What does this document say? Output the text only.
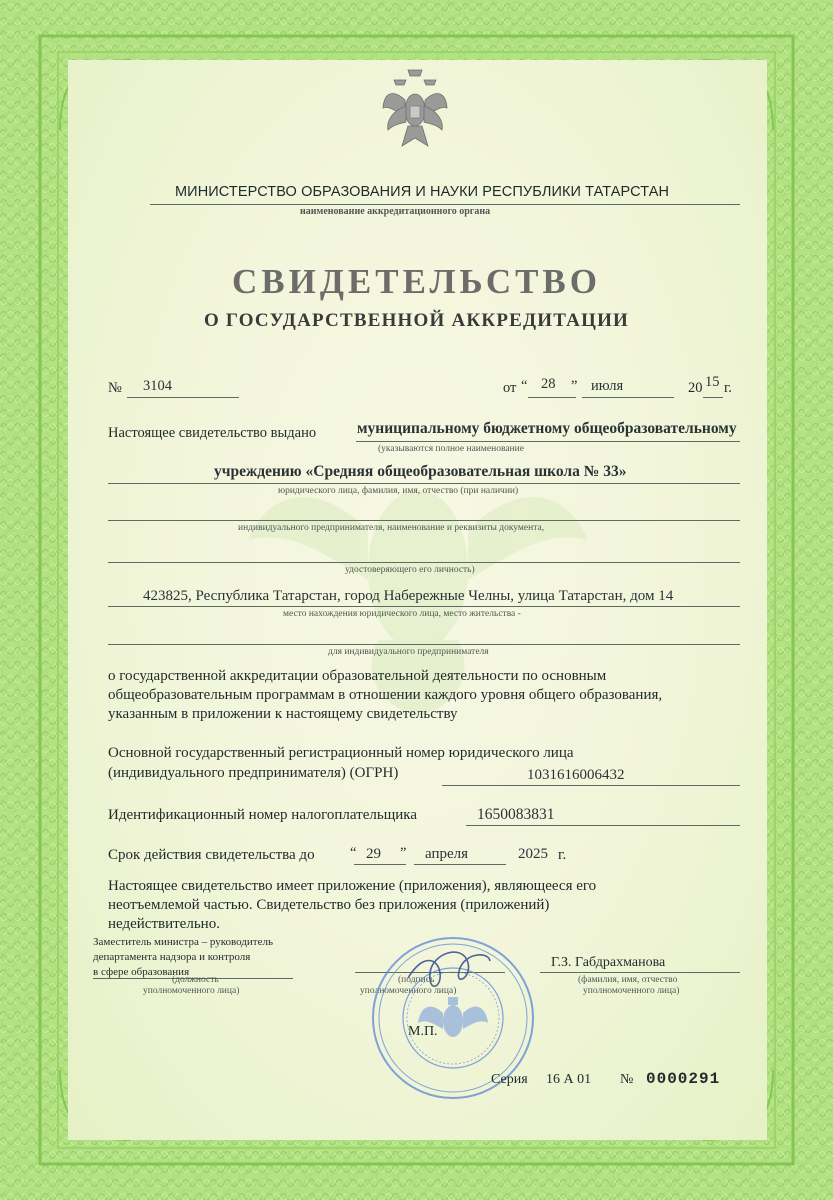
МИНИСТЕРСТВО ОБРАЗОВАНИЯ И НАУКИ РЕСПУБЛИКИ ТАТАРСТАН
наименование аккредитационного органа
СВИДЕТЕЛЬСТВО
О ГОСУДАРСТВЕННОЙ АККРЕДИТАЦИИ
№ 3104	от “ 28 ” июля	20 15 г.
Настоящее свидетельство выдано	муниципальному бюджетному общеобразовательному
(указываются полное наименование
учреждению «Средняя общеобразовательная школа № 33»
юридического лица, фамилия, имя, отчество (при наличии)
индивидуального предпринимателя, наименование и реквизиты документа,
удостоверяющего его личность)
423825, Республика Татарстан, город Набережные Челны, улица Татарстан, дом 14
место нахождения юридического лица, место жительства -
для индивидуального предпринимателя
о государственной аккредитации образовательной деятельности по основным
общеобразовательным программам в отношении каждого уровня общего образования,
указанным в приложении к настоящему свидетельству
Основной государственный регистрационный номер юридического лица
(индивидуального предпринимателя) (ОГРН)	1031616006432
Идентификационный номер налогоплательщика	1650083831
Срок действия свидетельства до “ 29 ” апреля	2025 г.
Настоящее свидетельство имеет приложение (приложения), являющееся его
неотъемлемой частью. Свидетельство без приложения (приложений)
недействительно.
Заместитель министра – руководитель
департамента надзора и контроля
в сфере образования
(должность
уполномоченного лица)
(подпись
уполномоченного лица)
Г.З. Габдрахманова
(фамилия, имя, отчество
уполномоченного лица)
М.П.
Серия 16 А 01 № 0000291
